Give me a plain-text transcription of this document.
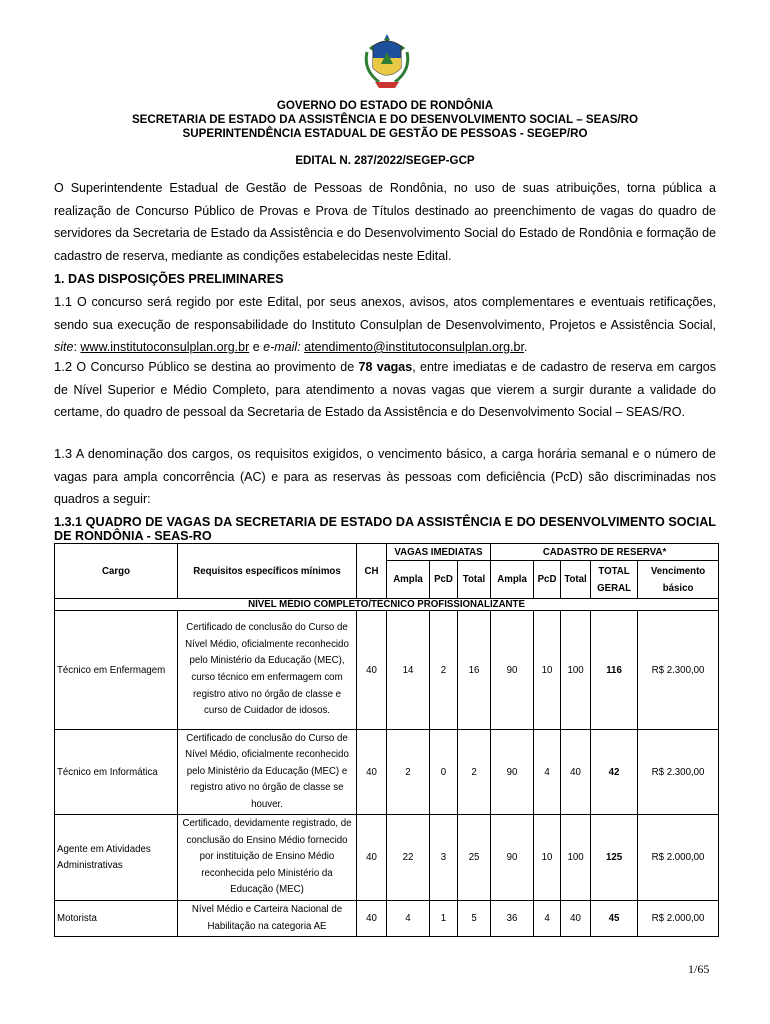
GOVERNO DO ESTADO DE RONDÔNIA
SECRETARIA DE ESTADO DA ASSISTÊNCIA E DO DESENVOLVIMENTO SOCIAL – SEAS/RO
SUPERINTENDÊNCIA ESTADUAL DE GESTÃO DE PESSOAS - SEGEP/RO
EDITAL N. 287/2022/SEGEP-GCP
O Superintendente Estadual de Gestão de Pessoas de Rondônia, no uso de suas atribuições, torna pública a realização de Concurso Público de Provas e Prova de Títulos destinado ao preenchimento de vagas do quadro de servidores da Secretaria de Estado da Assistência e do Desenvolvimento Social do Estado de Rondônia e formação de cadastro de reserva, mediante as condições estabelecidas neste Edital.
1. DAS DISPOSIÇÕES PRELIMINARES
1.1 O concurso será regido por este Edital, por seus anexos, avisos, atos complementares e eventuais retificações, sendo sua execução de responsabilidade do Instituto Consulplan de Desenvolvimento, Projetos e Assistência Social, site: www.institutoconsulplan.org.br e e-mail: atendimento@institutoconsulplan.org.br.
1.2 O Concurso Público se destina ao provimento de 78 vagas, entre imediatas e de cadastro de reserva em cargos de Nível Superior e Médio Completo, para atendimento a novas vagas que vierem a surgir durante a validade do certame, do quadro de pessoal da Secretaria de Estado da Assistência e do Desenvolvimento Social – SEAS/RO.
1.3 A denominação dos cargos, os requisitos exigidos, o vencimento básico, a carga horária semanal e o número de vagas para ampla concorrência (AC) e para as reservas às pessoas com deficiência (PcD) são discriminadas nos quadros a seguir:
1.3.1 QUADRO DE VAGAS DA SECRETARIA DE ESTADO DA ASSISTÊNCIA E DO DESENVOLVIMENTO SOCIAL DE RONDÔNIA - SEAS-RO
Cargo	Requisitos específicos mínimos	CH	VAGAS IMEDIATAS			CADASTRO DE RESERVA*				
			Ampla	PcD	Total	Ampla	PcD	Total	TOTAL GERAL	Vencimento básico
NÍVEL MÉDIO COMPLETO/TÉCNICO PROFISSIONALIZANTE										
Técnico em Enfermagem	Certificado de conclusão do Curso de Nível Médio, oficialmente reconhecido pelo Ministério da Educação (MEC), curso técnico em enfermagem com registro ativo no órgão de classe e curso de Cuidador de idosos.	40	14	2	16	90	10	100	116	R$ 2.300,00
Técnico em Informática	Certificado de conclusão do Curso de Nível Médio, oficialmente reconhecido pelo Ministério da Educação (MEC) e registro ativo no órgão de classe se houver.	40	2	0	2	90	4	40	42	R$ 2.300,00
Agente em Atividades Administrativas	Certificado, devidamente registrado, de conclusão do Ensino Médio fornecido por instituição de Ensino Médio reconhecida pelo Ministério da Educação (MEC)	40	22	3	25	90	10	100	125	R$ 2.000,00
Motorista	Nível Médio e Carteira Nacional de Habilitação na categoria AE	40	4	1	5	36	4	40	45	R$ 2.000,00
1/65
